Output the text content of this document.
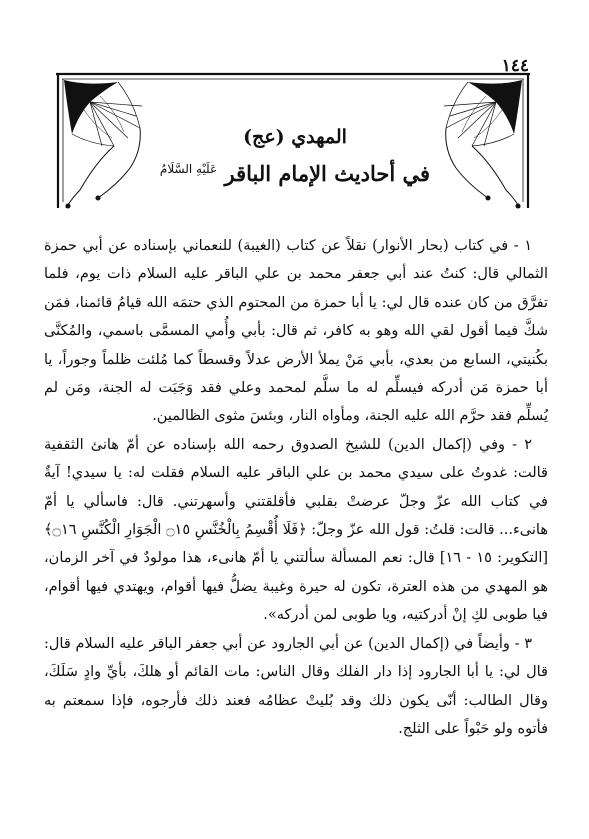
١٤٤
المهدي (عج)
في أحاديث الإمام الباقر $^{عَلَيْهِ السَّلَامُ}$

١ - في كتاب (بحار الأنوار) نقلاً عن كتاب (الغيبة) للنعماني بإسناده عن أبي حمزة الثمالي قال: كنتُ عند أبي جعفر محمد بن علي الباقر عليه السلام ذات يوم، فلما تفرَّق من كان عنده قال لي: يا أبا حمزة من المحتوم الذي حتمَه الله قيامُ قائمنا، فمَن شكَّ فيما أقول لقي الله وهو به كافر، ثم قال: بأبي وأُمي المسمَّى باسمي، والمُكنَّى بكُنيتي، السابع من بعدي، بأبي مَنْ يملأ الأرض عدلاً وقسطاً كما مُلئت ظلماً وجوراً، يا أبا حمزة مَن أدركه فيسلِّم له ما سلَّم لمحمد وعلي فقد وَجَبَت له الجنة، ومَن لم يُسلِّم فقد حرَّم الله عليه الجنة، ومأواه النار، وبئسَ مثوى الظالمين.

٢ - وفي (إكمال الدين) للشيخ الصدوق رحمه الله بإسناده عن أمّ هانئ الثقفية قالت: غدوتُ على سيدي محمد بن علي الباقر عليه السلام فقلت له: يا سيدي! آيةٌ في كتاب الله عزّ وجلّ عرضتْ بقلبي فأقلقتني وأسهرتني. قال: فاسألي يا أمّ هانىء... قالت: قلتُ: قول الله عزّ وجلّ: ﴿فَلَا أُقْسِمُ بِالْخُنَّسِ ۝١٥ الْجَوَارِ الْكُنَّسِ ۝١٦﴾ [التكوير: ١٥ - ١٦] قال: نعم المسألة سألتني يا أمّ هانىء، هذا مولودٌ في آخر الزمان، هو المهدي من هذه العترة، تكون له حيرة وغيبة يضلُّ فيها أقوام، ويهتدي فيها أقوام، فيا طوبى لكِ إنْ أدركتيه، ويا طوبى لمن أدركه».

٣ - وأيضاً في (إكمال الدين) عن أبي الجارود عن أبي جعفر الباقر عليه السلام قال: قال لي: يا أبا الجارود إذا دار الفلك وقال الناس: مات القائم أو هلكَ، بأيِّ وادٍ سَلَكَ، وقال الطالب: أنّى يكون ذلك وقد بُليتْ عظامُه فعند ذلك فأرجوه، فإذا سمعتم به فأتوه ولو حَبْواً على الثلج.
